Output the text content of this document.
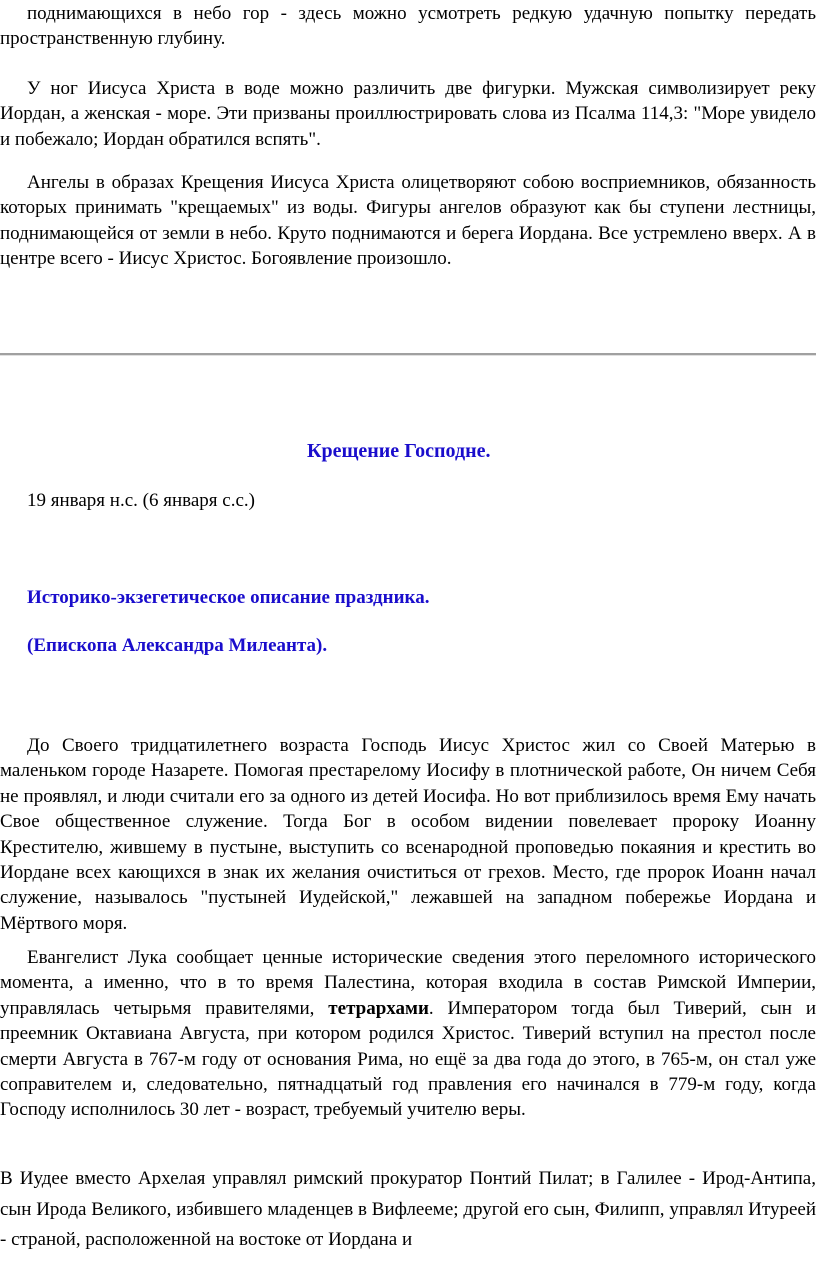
поднимающихся в небо гор - здесь можно усмотреть редкую удачную попытку передать пространственную глубину.

У ног Иисуса Христа в воде можно различить две фигурки. Мужская символизирует реку Иордан, а женская - море. Эти призваны проиллюстрировать слова из Псалма 114,3: "Море увидело и побежало; Иордан обратился вспять".

Ангелы в образах Крещения Иисуса Христа олицетворяют собою восприемников, обязанность которых принимать "крещаемых" из воды. Фигуры ангелов образуют как бы ступени лестницы, поднимающейся от земли в небо. Круто поднимаются и берега Иордана. Все устремлено вверх. А в центре всего - Иисус Христос. Богоявление произошло.

Крещение Господне.
19 января н.с. (6 января с.с.)
Историко-экзегетическое описание праздника.
(Епископа Александра Милеанта).

До Своего тридцатилетнего возраста Господь Иисус Христос жил со Своей Матерью в маленьком городе Назарете. Помогая престарелому Иосифу в плотнической работе, Он ничем Себя не проявлял, и люди считали его за одного из детей Иосифа. Но вот приблизилось время Ему начать Свое общественное служение. Тогда Бог в особом видении повелевает пророку Иоанну Крестителю, жившему в пустыне, выступить со всенародной проповедью покаяния и крестить во Иордане всех кающихся в знак их желания очиститься от грехов. Место, где пророк Иоанн начал служение, называлось "пустыней Иудейской," лежавшей на западном побережье Иордана и Мёртвого моря.

Евангелист Лука сообщает ценные исторические сведения этого переломного исторического момента, а именно, что в то время Палестина, которая входила в состав Римской Империи, управлялась четырьмя правителями, тетрархами. Императором тогда был Тиверий, сын и преемник Октавиана Августа, при котором родился Христос. Тиверий вступил на престол после смерти Августа в 767-м году от основания Рима, но ещё за два года до этого, в 765-м, он стал уже соправителем и, следовательно, пятнадцатый год правления его начинался в 779-м году, когда Господу исполнилось 30 лет - возраст, требуемый учителю веры.

В Иудее вместо Архелая управлял римский прокуратор Понтий Пилат; в Галилее - Ирод-Антипа, сын Ирода Великого, избившего младенцев в Вифлееме; другой его сын, Филипп, управлял Итуреей - страной, расположенной на востоке от Иордана и
